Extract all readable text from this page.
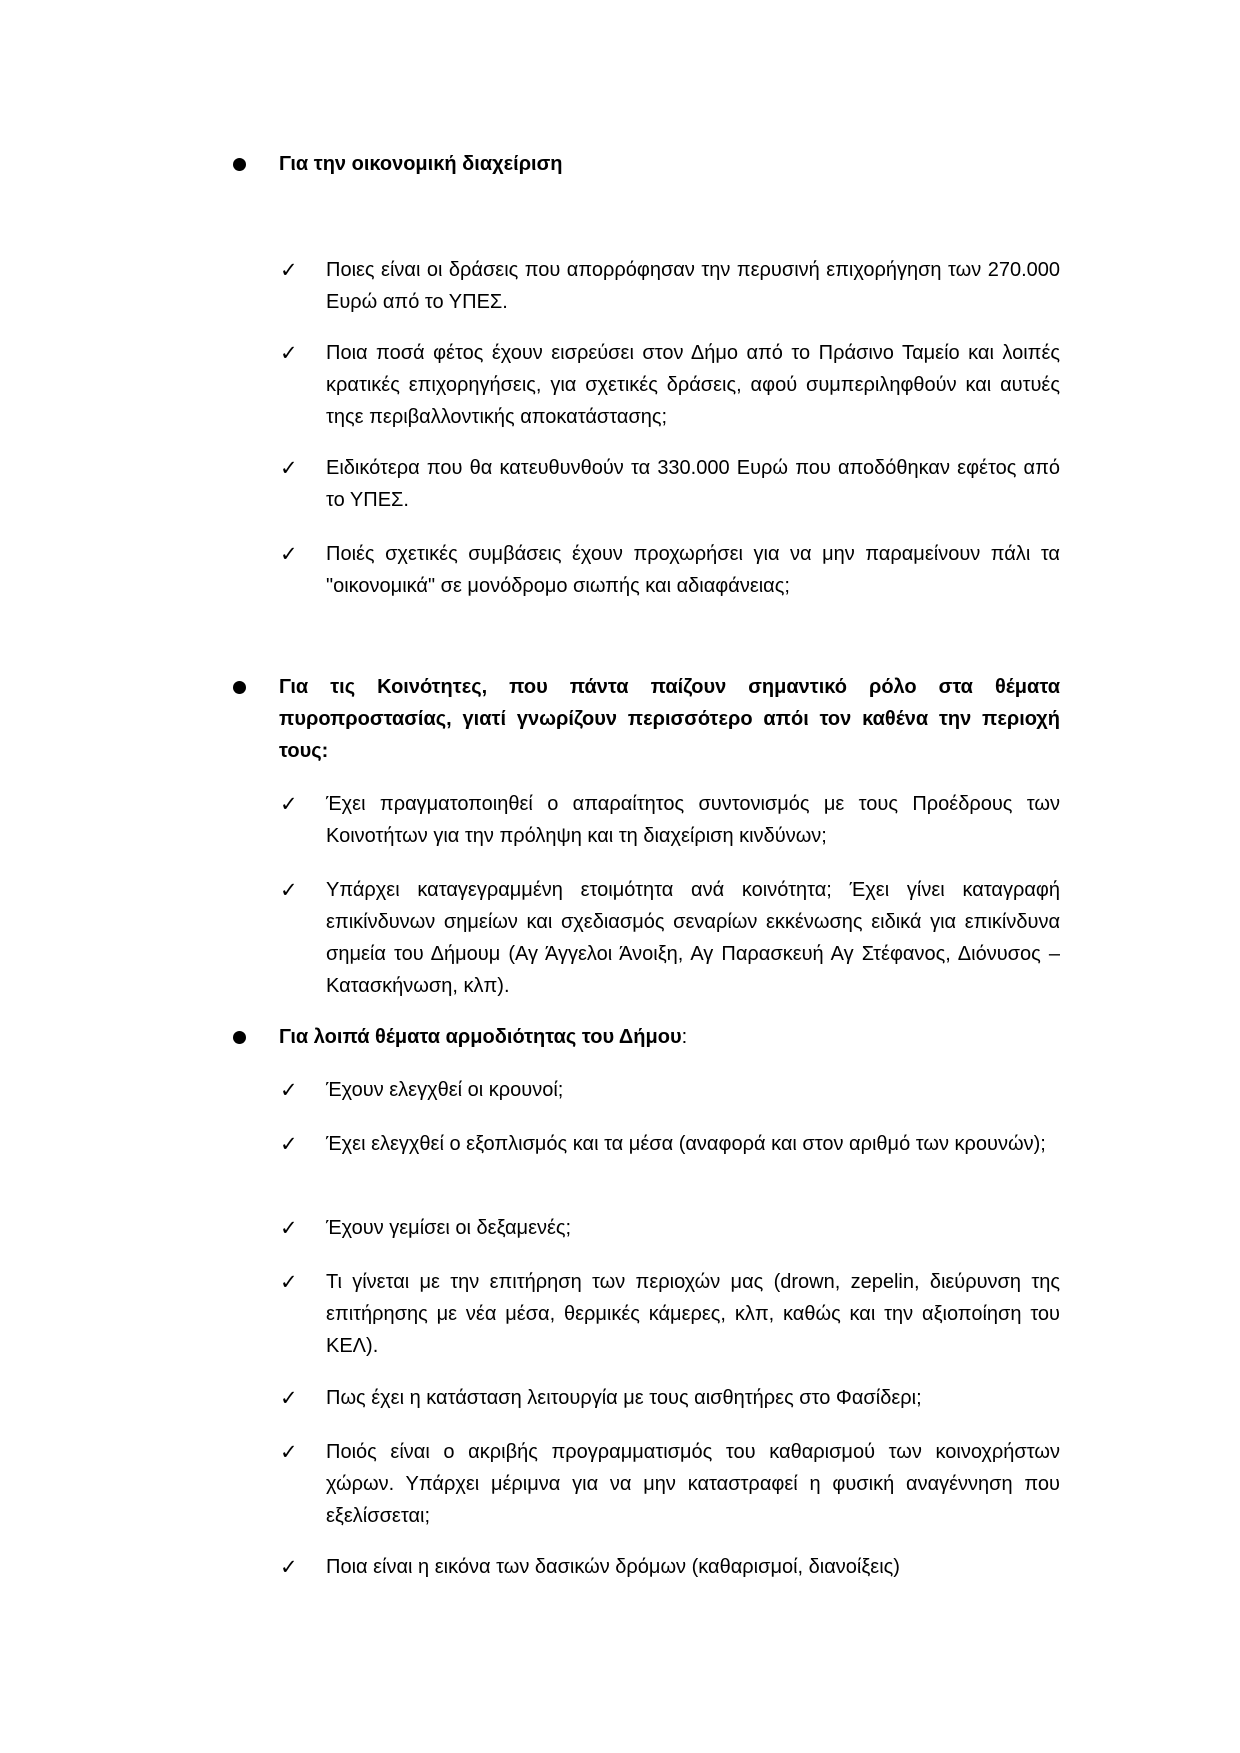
Για την οικονομική διαχείριση
✓ Ποιες είναι οι δράσεις που απορρόφησαν την περυσινή επιχορήγηση των 270.000 Ευρώ από το ΥΠΕΣ.
✓ Ποια ποσά φέτος έχουν εισρεύσει στον Δήμο από το Πράσινο Ταμείο και λοιπές κρατικές επιχορηγήσεις, για σχετικές δράσεις, αφού συμπεριληφθούν και αυτυές τηςε περιβαλλοντικής αποκατάστασης;
✓ Ειδικότερα που θα κατευθυνθούν τα 330.000 Ευρώ που αποδόθηκαν εφέτος από το ΥΠΕΣ.
✓ Ποιές σχετικές συμβάσεις έχουν προχωρήσει για να μην παραμείνουν πάλι τα "οικονομικά" σε μονόδρομο σιωπής και αδιαφάνειας;
Για τις Κοινότητες, που πάντα παίζουν σημαντικό ρόλο στα θέματα πυροπροστασίας, γιατί γνωρίζουν περισσότερο απόι τον καθένα την περιοχή τους:
✓ Έχει πραγματοποιηθεί ο απαραίτητος συντονισμός με τους Προέδρους των Κοινοτήτων για την πρόληψη και τη διαχείριση κινδύνων;
✓ Υπάρχει καταγεγραμμένη ετοιμότητα ανά κοινότητα; Έχει γίνει καταγραφή επικίνδυνων σημείων και σχεδιασμός σεναρίων εκκένωσης ειδικά για επικίνδυνα σημεία του Δήμουμ (Αγ Άγγελοι Άνοιξη, Αγ Παρασκευή Αγ Στέφανος, Διόνυσος – Κατασκήνωση, κλπ).
Για λοιπά θέματα αρμοδιότητας του Δήμου:
✓ Έχουν ελεγχθεί οι κρουνοί;
✓ Έχει ελεγχθεί ο εξοπλισμός και τα μέσα (αναφορά και στον αριθμό των κρουνών);
✓ Έχουν γεμίσει οι δεξαμενές;
✓ Τι γίνεται με την επιτήρηση των περιοχών μας (drown, zepelin, διεύρυνση της επιτήρησης με νέα μέσα, θερμικές κάμερες, κλπ, καθώς και την αξιοποίηση του ΚΕΛ).
✓ Πως έχει η κατάσταση λειτουργία με τους αισθητήρες στο Φασίδερι;
✓ Ποιός είναι ο ακριβής προγραμματισμός του καθαρισμού των κοινοχρήστων χώρων. Υπάρχει μέριμνα για να μην καταστραφεί η φυσική αναγέννηση που εξελίσσεται;
✓ Ποια είναι η εικόνα των δασικών δρόμων (καθαρισμοί, διανοίξεις)
